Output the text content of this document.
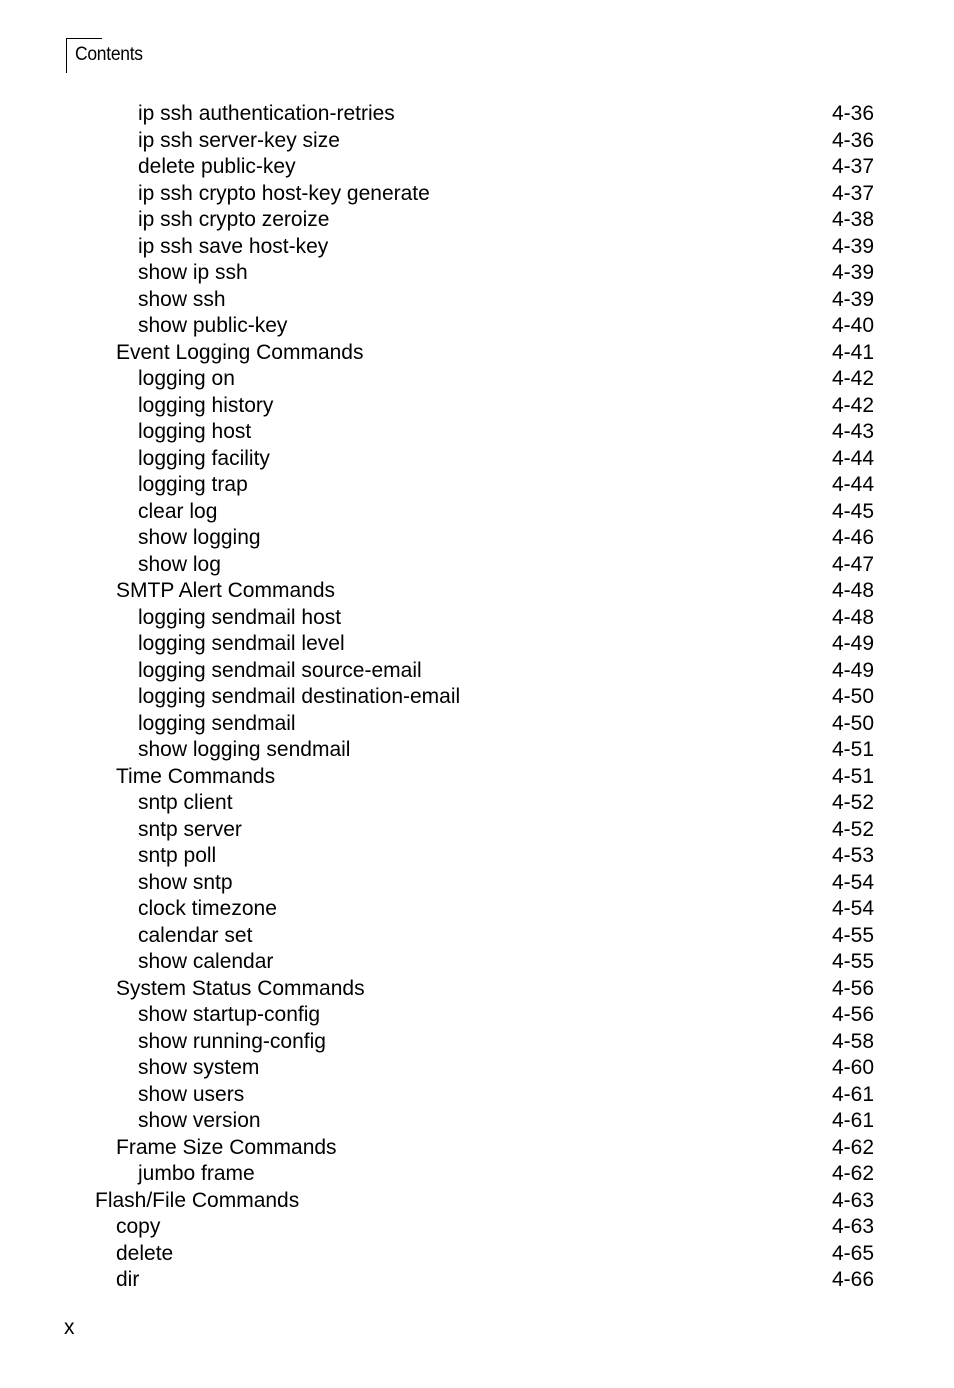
Contents
ip ssh authentication-retries	4-36
ip ssh server-key size	4-36
delete public-key	4-37
ip ssh crypto host-key generate	4-37
ip ssh crypto zeroize	4-38
ip ssh save host-key	4-39
show ip ssh	4-39
show ssh	4-39
show public-key	4-40
Event Logging Commands	4-41
logging on	4-42
logging history	4-42
logging host	4-43
logging facility	4-44
logging trap	4-44
clear log	4-45
show logging	4-46
show log	4-47
SMTP Alert Commands	4-48
logging sendmail host	4-48
logging sendmail level	4-49
logging sendmail source-email	4-49
logging sendmail destination-email	4-50
logging sendmail	4-50
show logging sendmail	4-51
Time Commands	4-51
sntp client	4-52
sntp server	4-52
sntp poll	4-53
show sntp	4-54
clock timezone	4-54
calendar set	4-55
show calendar	4-55
System Status Commands	4-56
show startup-config	4-56
show running-config	4-58
show system	4-60
show users	4-61
show version	4-61
Frame Size Commands	4-62
jumbo frame	4-62
Flash/File Commands	4-63
copy	4-63
delete	4-65
dir	4-66
x
